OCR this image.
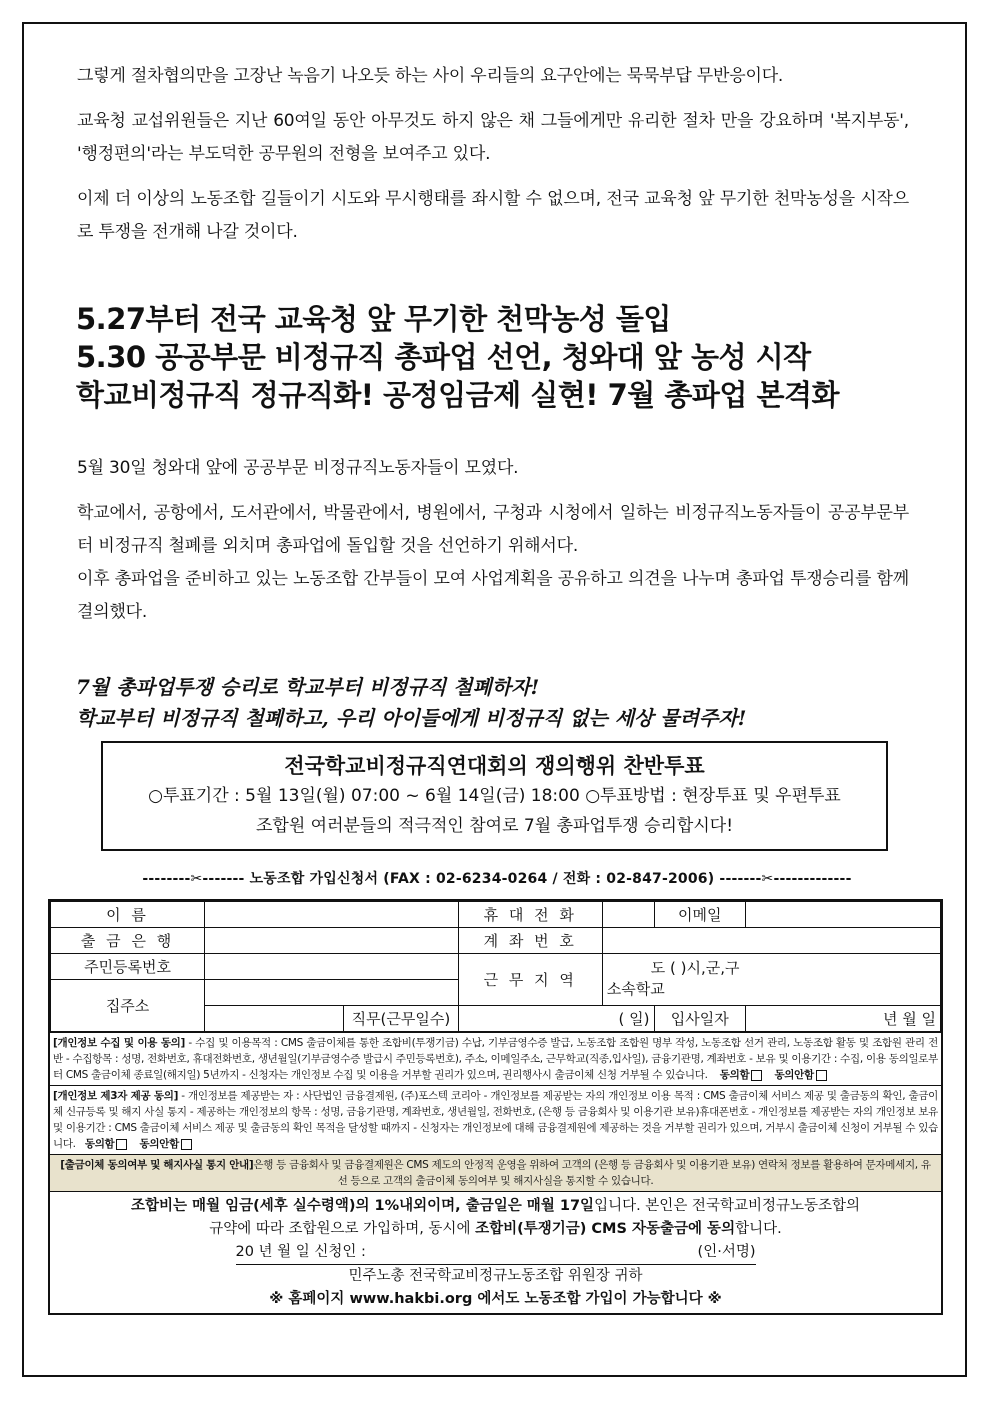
그렇게 절차협의만을 고장난 녹음기 나오듯 하는 사이 우리들의 요구안에는 묵묵부답 무반응이다.

교육청 교섭위원들은 지난 60여일 동안 아무것도 하지 않은 채 그들에게만 유리한 절차 만을 강요하며 '복지부동', '행정편의'라는 부도덕한 공무원의 전형을 보여주고 있다.

이제 더 이상의 노동조합 길들이기 시도와 무시행태를 좌시할 수 없으며, 전국 교육청 앞 무기한 천막농성을 시작으로 투쟁을 전개해 나갈 것이다.

5.27부터 전국 교육청 앞 무기한 천막농성 돌입
5.30 공공부문 비정규직 총파업 선언, 청와대 앞 농성 시작
학교비정규직 정규직화! 공정임금제 실현! 7월 총파업 본격화

5월 30일 청와대 앞에 공공부문 비정규직노동자들이 모였다.

학교에서, 공항에서, 도서관에서, 박물관에서, 병원에서, 구청과 시청에서 일하는 비정규직노동자들이 공공부문부터 비정규직 철폐를 외치며 총파업에 돌입할 것을 선언하기 위해서다.

이후 총파업을 준비하고 있는 노동조합 간부들이 모여 사업계획을 공유하고 의견을 나누며 총파업 투쟁승리를 함께 결의했다.

7월 총파업투쟁 승리로 학교부터 비정규직 철폐하자!
학교부터 비정규직 철폐하고, 우리 아이들에게 비정규직 없는 세상 물려주자!
전국학교비정규직연대회의 쟁의행위 찬반투표
○투표기간 : 5월 13일(월) 07:00 ~ 6월 14일(금) 18:00 ○투표방법 : 현장투표 및 우편투표
조합원 여러분들의 적극적인 참여로 7월 총파업투쟁 승리합시다!
--------✂------- 노동조합 가입신청서 (FAX : 02-6234-0264 / 전화 : 02-847-2006) -------✂-------------
이 름			휴 대 전 화		이메일	
출 금 은 행			계 좌 번 호			
주민등록번호			근 무 지 역	도 ( )시,군,구
소속학교		

집주소						
		직무(근무일수)	( 일)		입사일자	년 월 일
[개인정보 수집 및 이용 동의] - 수집 및 이용목적 : CMS 출금이체를 통한 조합비(투쟁기금) 수납, 기부금영수증 발급, 노동조합 조합원 명부 작성, 노동조합 선거 관리, 노동조합 활동 및 조합원 관리 전반 - 수집항목 : 성명, 전화번호, 휴대전화번호, 생년월일(기부금영수증 발급시 주민등록번호), 주소, 이메일주소, 근무학교(직종,입사일), 금융기관명, 계좌번호 - 보유 및 이용기간 : 수집, 이용 동의일로부터 CMS 출금이체 종료일(해지일) 5년까지 - 신청자는 개인정보 수집 및 이용을 거부할 권리가 있으며, 권리행사시 출금이체 신청 거부될 수 있습니다. 동의함 동의안함
[개인정보 제3자 제공 동의] - 개인정보를 제공받는 자 : 사단법인 금융결제원, (주)포스텍 코리아 - 개인정보를 제공받는 자의 개인정보 이용 목적 : CMS 출금이체 서비스 제공 및 출금동의 확인, 출금이체 신규등록 및 해지 사실 통지 - 제공하는 개인정보의 항목 : 성명, 금융기관명, 계좌번호, 생년월일, 전화번호, (은행 등 금융회사 및 이용기관 보유)휴대폰번호 - 개인정보를 제공받는 자의 개인정보 보유 및 이용기간 : CMS 출금이체 서비스 제공 및 출금동의 확인 목적을 달성할 때까지 - 신청자는 개인정보에 대해 금융결제원에 제공하는 것을 거부할 권리가 있으며, 거부시 출금이체 신청이 거부될 수 있습니다. 동의함 동의안함
[출금이체 동의여부 및 해지사실 통지 안내]은행 등 금융회사 및 금융결제원은 CMS 제도의 안정적 운영을 위하여 고객의 (은행 등 금융회사 및 이용기관 보유) 연락처 정보를 활용하여 문자메세지, 유선 등으로 고객의 출금이체 동의여부 및 해지사실을 통지할 수 있습니다.
조합비는 매월 임금(세후 실수령액)의 1%내외이며, 출금일은 매월 17일입니다. 본인은 전국학교비정규노동조합의
규약에 따라 조합원으로 가입하며, 동시에 조합비(투쟁기금) CMS 자동출금에 동의합니다.
20 년 월 일 신청인 :	(인·서명)
민주노총 전국학교비정규노동조합 위원장 귀하
※ 홈페이지 www.hakbi.org 에서도 노동조합 가입이 가능합니다 ※
